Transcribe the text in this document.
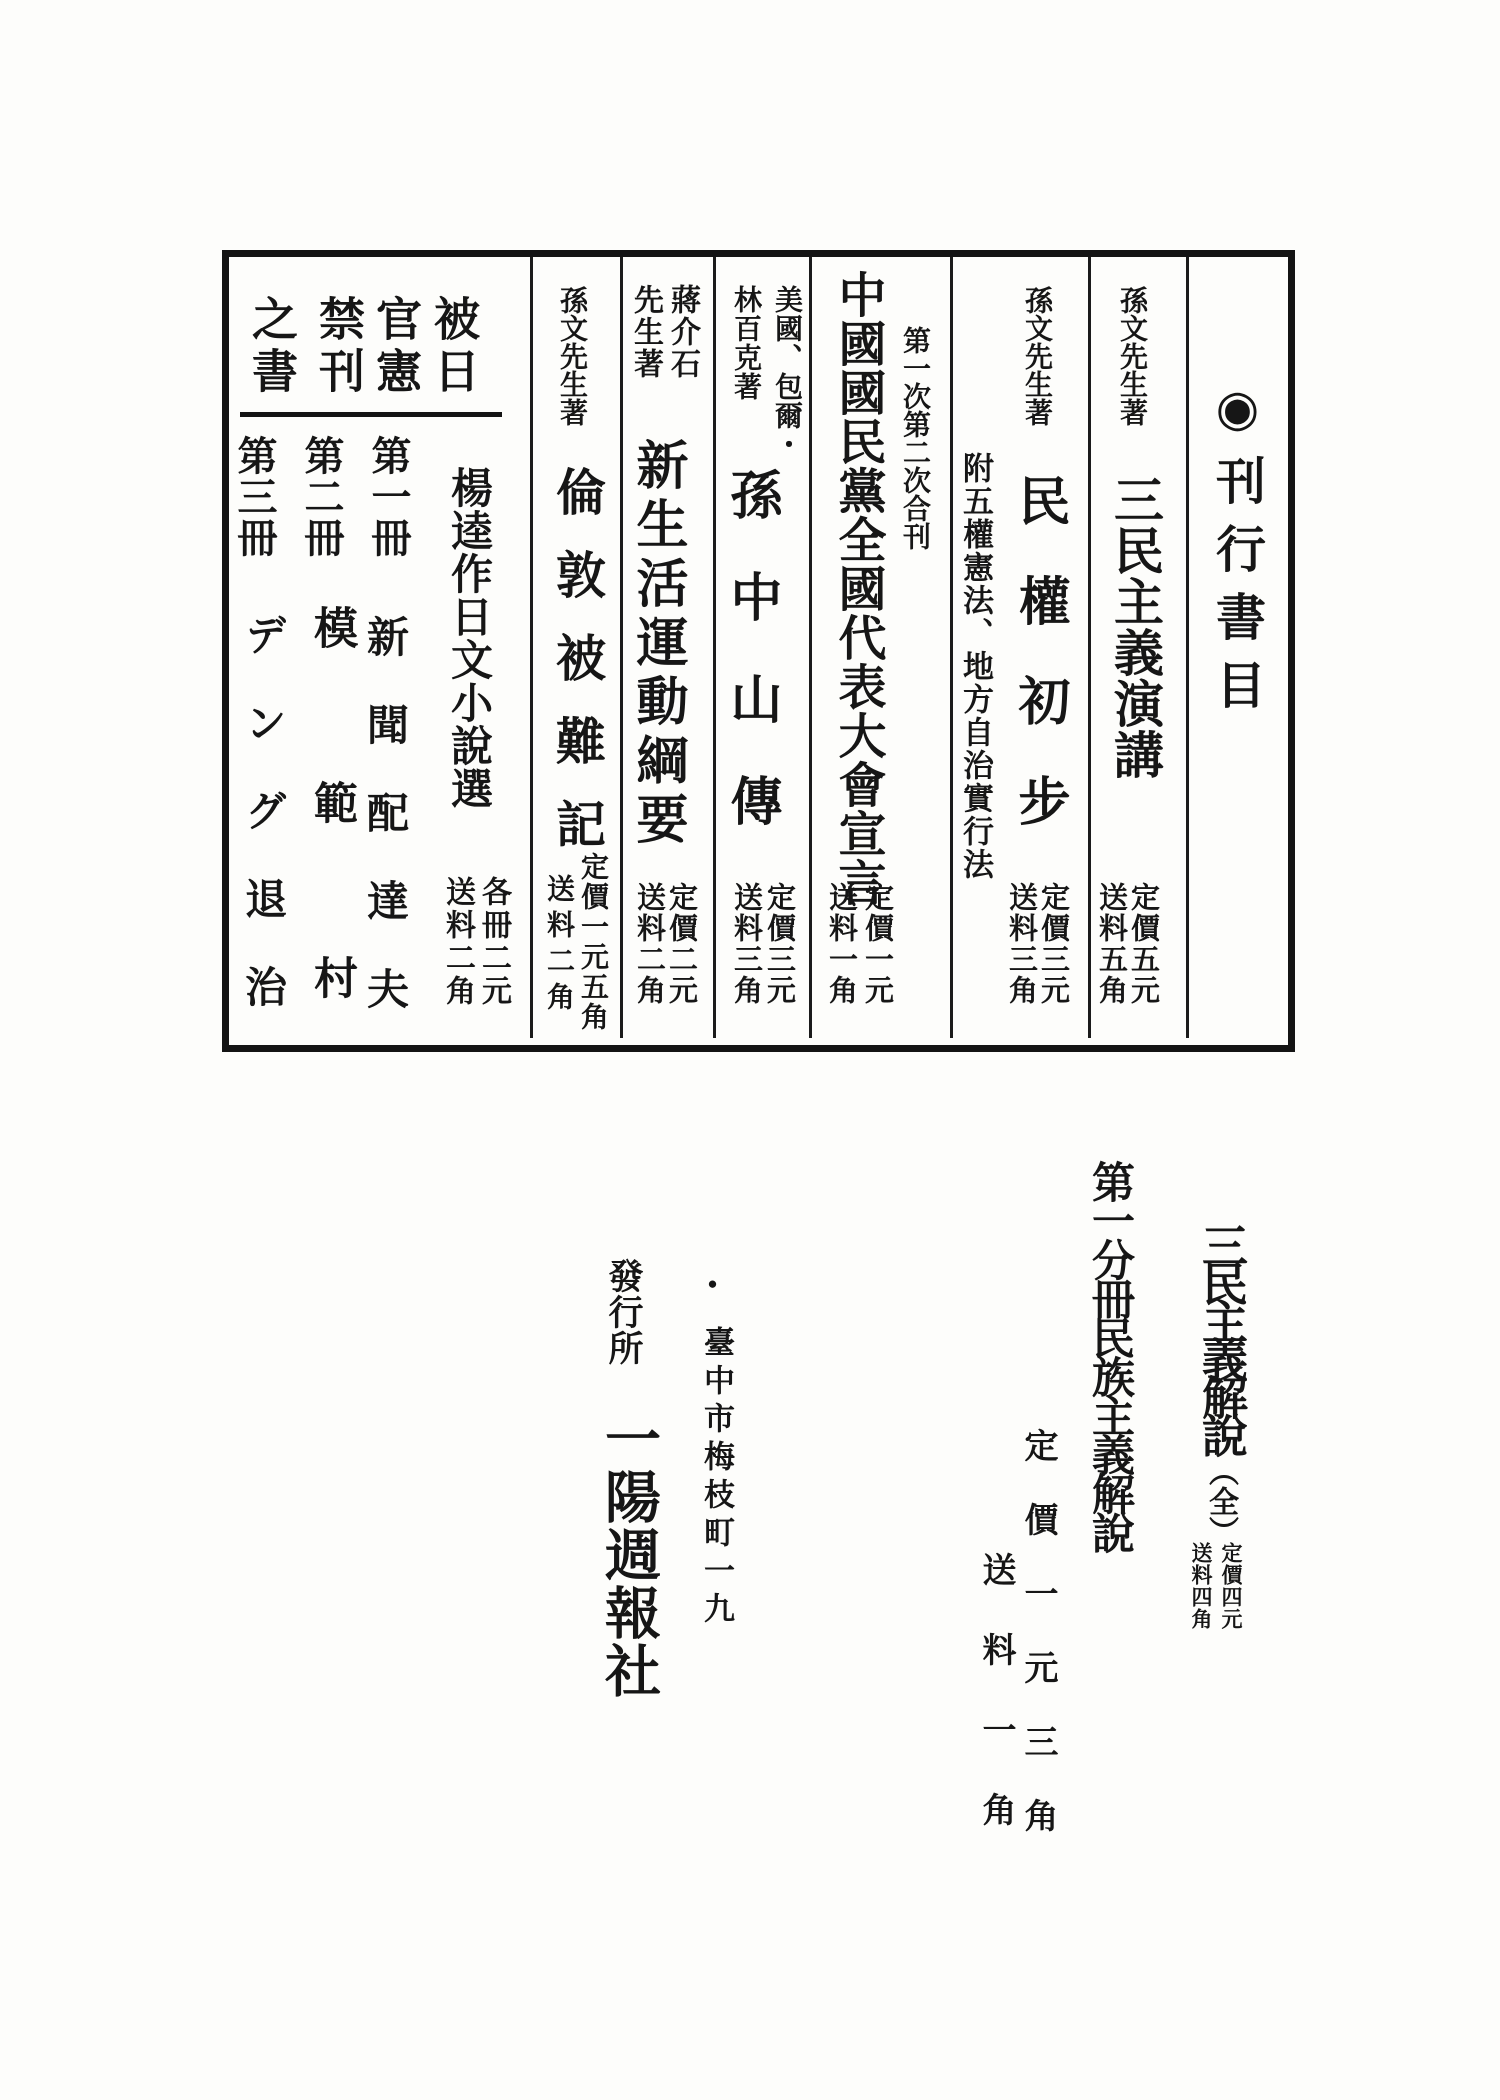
◉刊行書目
孫文先生著
三民主義演講
定價五元
送料五角
孫文先生著
民權初步
附五權憲法、地方自治實行法
定價三元
送料三角
第一次第二次合刊
中國國民黨全國代表大會宣言
定價一元
送料一角
美國、包爾・
林百克著
孫中山傳
定價三元
送料三角
蔣介石
先生著
新生活運動綱要
定價二元
送料二角
孫文先生著
倫敦被難記
定價一元五角
送料二角
被日
官憲
禁刊
之書
楊逵作日文小說選
各冊二元
送料二角
第一冊
新聞配達夫
第二冊
模範村
第三冊
デング退治
三民主義解說
（全）
定價四元
送料四角
第一分冊民族主義解說
定價一元三角
送料一角
●
臺中市梅枝町一九
發行所
一陽週報社
